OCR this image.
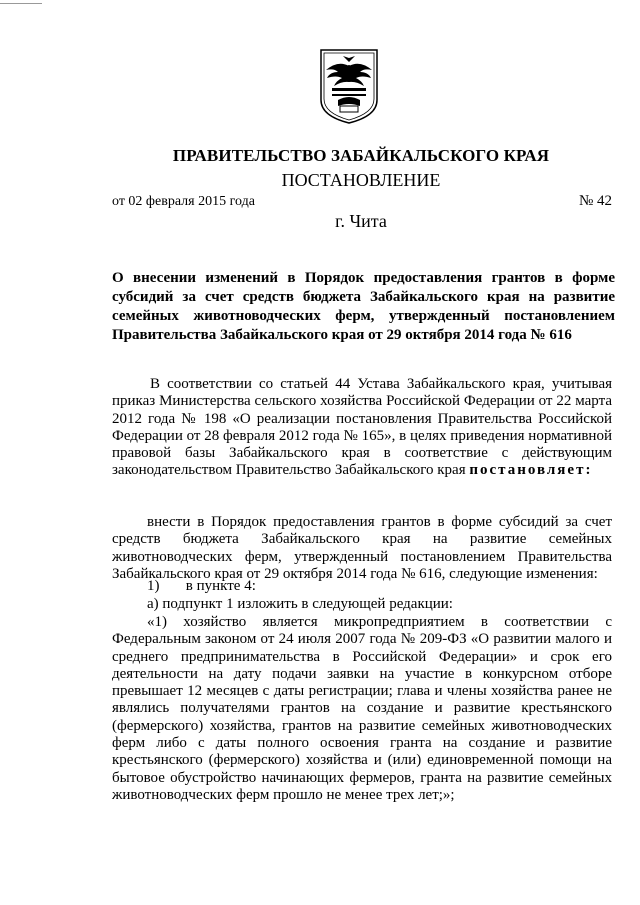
ПРАВИТЕЛЬСТВО ЗАБАЙКАЛЬСКОГО КРАЯ
ПОСТАНОВЛЕНИЕ
от 02 февраля 2015 года	№ 42
г. Чита
О внесении изменений в Порядок предоставления грантов в форме субсидий за счет средств бюджета Забайкальского края на развитие семейных животноводческих ферм, утвержденный постановлением Правительства Забайкальского края от 29 октября 2014 года № 616
В соответствии со статьей 44 Устава Забайкальского края, учитывая приказ Министерства сельского хозяйства Российской Федерации от 22 марта 2012 года № 198 «О реализации постановления Правительства Российской Федерации от 28 февраля 2012 года № 165», в целях приведения нормативной правовой базы Забайкальского края в соответствие с действующим законодательством Правительство Забайкальского края постановляет:
внести в Порядок предоставления грантов в форме субсидий за счет средств бюджета Забайкальского края на развитие семейных животноводческих ферм, утвержденный постановлением Правительства Забайкальского края от 29 октября 2014 года № 616, следующие изменения:
1) в пункте 4:
а) подпункт 1 изложить в следующей редакции:
«1) хозяйство является микропредприятием в соответствии с Федеральным законом от 24 июля 2007 года № 209-ФЗ «О развитии малого и среднего предпринимательства в Российской Федерации» и срок его деятельности на дату подачи заявки на участие в конкурсном отборе превышает 12 месяцев с даты регистрации; глава и члены хозяйства ранее не являлись получателями грантов на создание и развитие крестьянского (фермерского) хозяйства, грантов на развитие семейных животноводческих ферм либо с даты полного освоения гранта на создание и развитие крестьянского (фермерского) хозяйства и (или) единовременной помощи на бытовое обустройство начинающих фермеров, гранта на развитие семейных животноводческих ферм прошло не менее трех лет;»;
